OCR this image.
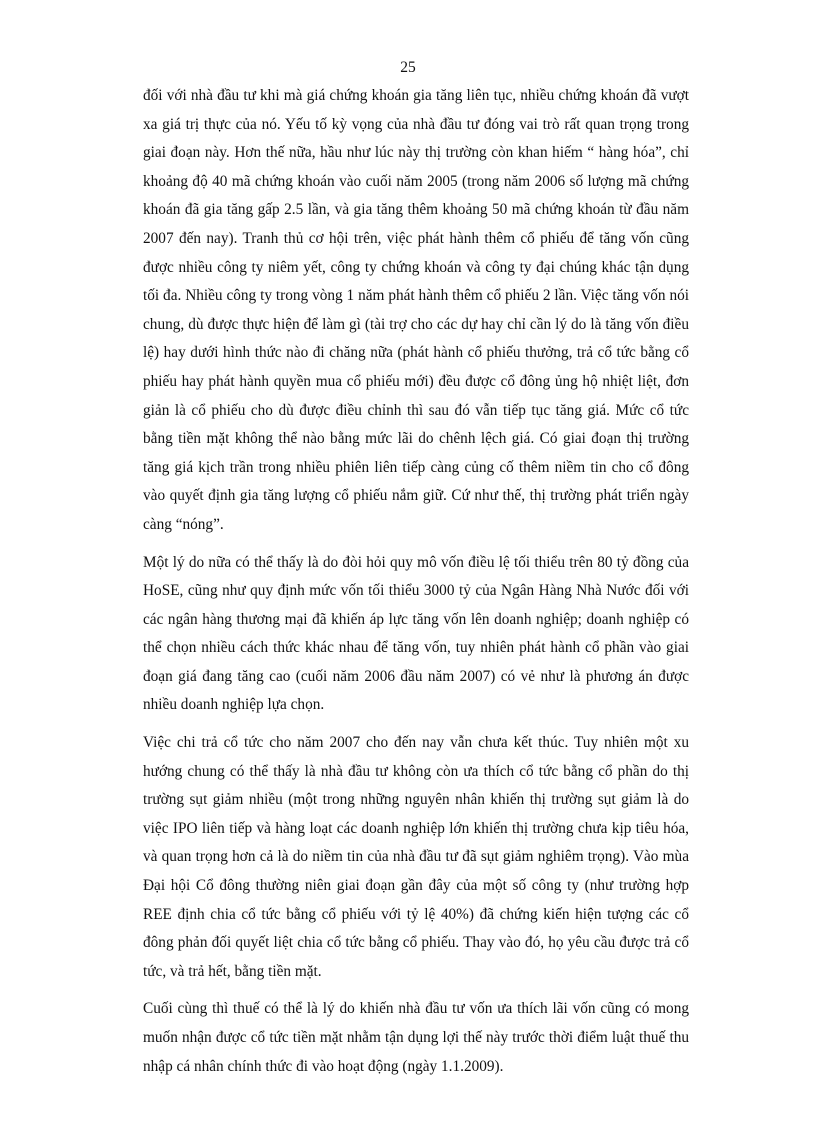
25

đối với nhà đầu tư khi mà giá chứng khoán gia tăng liên tục, nhiều chứng khoán đã vượt xa giá trị thực của nó. Yếu tố kỳ vọng của nhà đầu tư đóng vai trò rất quan trọng trong giai đoạn này. Hơn thế nữa, hầu như lúc này thị trường còn khan hiếm “ hàng hóa”, chỉ khoảng độ 40 mã chứng khoán vào cuối năm 2005 (trong năm 2006 số lượng mã chứng khoán đã gia tăng gấp 2.5 lần, và gia tăng thêm khoảng 50 mã chứng khoán từ đầu năm 2007 đến nay). Tranh thủ cơ hội trên, việc phát hành thêm cổ phiếu để tăng vốn cũng được nhiều công ty niêm yết, công ty chứng khoán và công ty đại chúng khác tận dụng tối đa. Nhiều công ty trong vòng 1 năm phát hành thêm cổ phiếu 2 lần. Việc tăng vốn nói chung, dù được thực hiện để làm gì (tài trợ cho các dự hay chỉ cần lý do là tăng vốn điều lệ) hay dưới hình thức nào đi chăng nữa (phát hành cổ phiếu thưởng, trả cổ tức bằng cổ phiếu hay phát hành quyền mua cổ phiếu mới) đều được cổ đông ủng hộ nhiệt liệt, đơn giản là cổ phiếu cho dù được điều chỉnh thì sau đó vẫn tiếp tục tăng giá. Mức cổ tức bằng tiền mặt không thể nào bằng mức lãi do chênh lệch giá. Có giai đoạn thị trường tăng giá kịch trần trong nhiều phiên liên tiếp càng củng cố thêm niềm tin cho cổ đông vào quyết định gia tăng lượng cổ phiếu nắm giữ. Cứ như thế, thị trường phát triển ngày càng “nóng”.

Một lý do nữa có thể thấy là do đòi hỏi quy mô vốn điều lệ tối thiểu trên 80 tỷ đồng của HoSE, cũng như quy định mức vốn tối thiểu 3000 tỷ của Ngân Hàng Nhà Nước đối với các ngân hàng thương mại đã khiến áp lực tăng vốn lên doanh nghiệp; doanh nghiệp có thể chọn nhiều cách thức khác nhau để tăng vốn, tuy nhiên phát hành cổ phần vào giai đoạn giá đang tăng cao (cuối năm 2006 đầu năm 2007) có vẻ như là phương án được nhiều doanh nghiệp lựa chọn.

Việc chi trả cổ tức cho năm 2007 cho đến nay vẫn chưa kết thúc. Tuy nhiên một xu hướng chung có thể thấy là nhà đầu tư không còn ưa thích cổ tức bằng cổ phần do thị trường sụt giảm nhiều (một trong những nguyên nhân khiến thị trường sụt giảm là do việc IPO liên tiếp và hàng loạt các doanh nghiệp lớn khiến thị trường chưa kịp tiêu hóa, và quan trọng hơn cả là do niềm tin của nhà đầu tư đã sụt giảm nghiêm trọng). Vào mùa Đại hội Cổ đông thường niên giai đoạn gần đây của một số công ty (như trường hợp REE định chia cổ tức bằng cổ phiếu với tỷ lệ 40%) đã chứng kiến hiện tượng các cổ đông phản đối quyết liệt chia cổ tức bằng cổ phiếu. Thay vào đó, họ yêu cầu được trả cổ tức, và trả hết, bằng tiền mặt.

Cuối cùng thì thuế có thể là lý do khiến nhà đầu tư vốn ưa thích lãi vốn cũng có mong muốn nhận được cổ tức tiền mặt nhằm tận dụng lợi thế này trước thời điểm luật thuế thu nhập cá nhân chính thức đi vào hoạt động (ngày 1.1.2009).
